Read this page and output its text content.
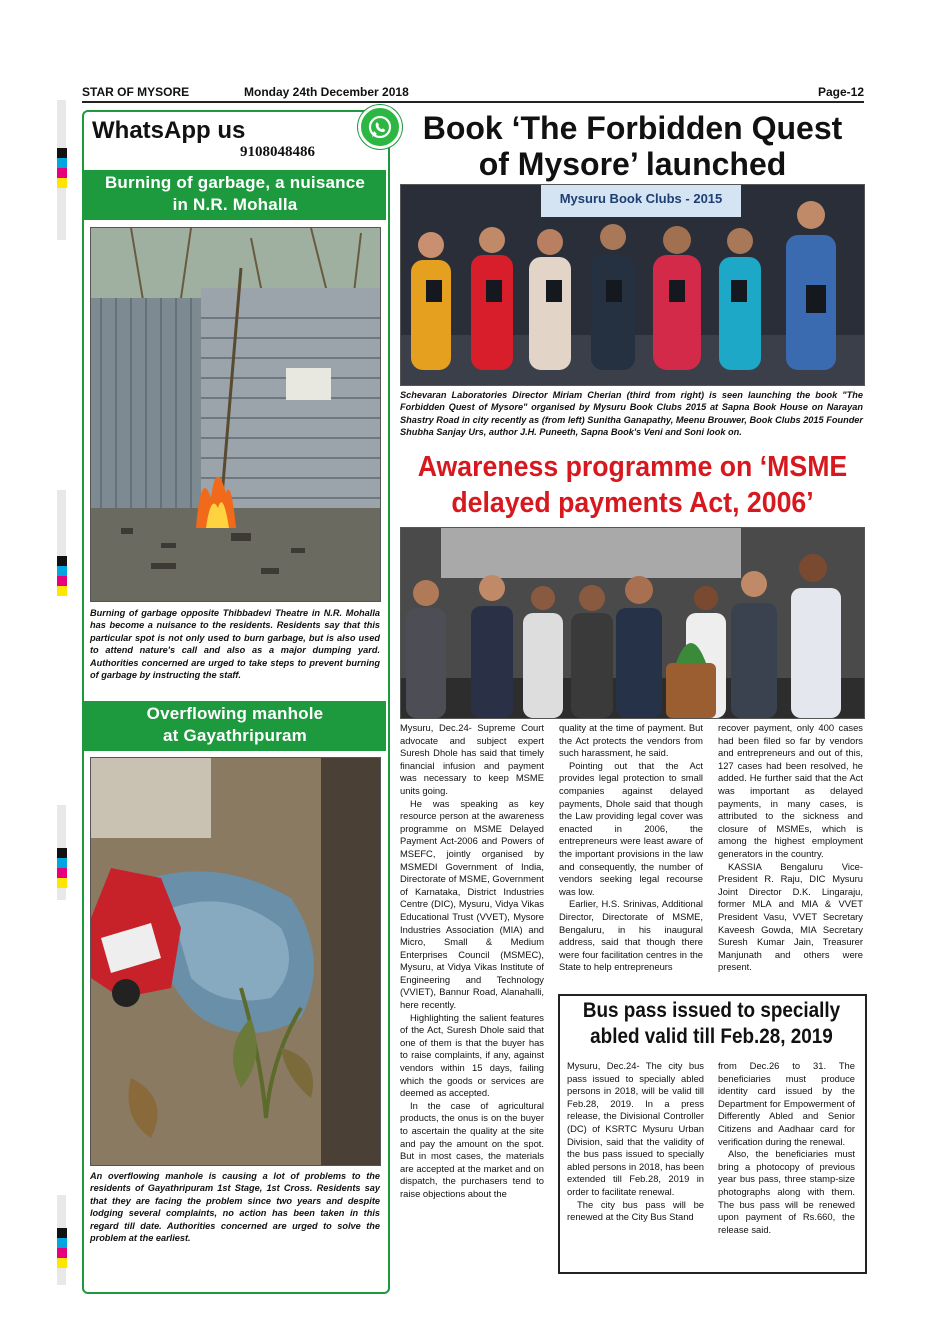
STAR OF MYSORE	Monday 24th December 2018	Page-12
WhatsApp us
9108048486
Burning of garbage, a nuisance
in N.R. Mohalla
Burning of garbage opposite Thibbadevi Theatre in N.R. Mohalla has become a nuisance to the residents. Residents say that this particular spot is not only used to burn garbage, but is also used to attend nature's call and also as a major dumping yard. Authorities concerned are urged to take steps to prevent burning of garbage by instructing the staff.
Overflowing manhole
at Gayathripuram
An overflowing manhole is causing a lot of problems to the residents of Gayathripuram 1st Stage, 1st Cross. Residents say that they are facing the problem since two years and despite lodging several complaints, no action has been taken in this regard till date. Authorities concerned are urged to solve the problem at the earliest.
Book ‘The Forbidden Quest
of Mysore’ launched
Mysuru Book Clubs - 2015
Schevaran Laboratories Director Miriam Cherian (third from right) is seen launching the book "The Forbidden Quest of Mysore" organised by Mysuru Book Clubs 2015 at Sapna Book House on Narayan Shastry Road in city recently as (from left) Sunitha Ganapathy, Meenu Brouwer, Book Clubs 2015 Founder Shubha Sanjay Urs, author J.H. Puneeth, Sapna Book's Veni and Soni look on.
Awareness programme on ‘MSME
delayed payments Act, 2006’

Mysuru, Dec.24- Supreme Court advocate and subject expert Suresh Dhole has said that timely financial infusion and payment was necessary to keep MSME units going.

He was speaking as key resource person at the awareness programme on MSME Delayed Payment Act-2006 and Powers of MSEFC, jointly organised by MSMEDI Government of India, Directorate of MSME, Government of Karnataka, District Industries Centre (DIC), Mysuru, Vidya Vikas Educational Trust (VVET), Mysore Industries Association (MIA) and Micro, Small & Medium Enterprises Council (MSMEC), Mysuru, at Vidya Vikas Institute of Engineering and Technology (VVIET), Bannur Road, Alanahalli, here recently.

Highlighting the salient features of the Act, Suresh Dhole said that one of them is that the buyer has to raise complaints, if any, against vendors within 15 days, failing which the goods or services are deemed as accepted.

In the case of agricultural products, the onus is on the buyer to ascertain the quality at the site and pay the amount on the spot. But in most cases, the materials are accepted at the market and on dispatch, the purchasers tend to raise objections about the

quality at the time of payment. But the Act protects the vendors from such harassment, he said.

Pointing out that the Act provides legal protection to small companies against delayed payments, Dhole said that though the Law providing legal cover was enacted in 2006, the entrepreneurs were least aware of the important provisions in the law and consequently, the number of vendors seeking legal recourse was low.

Earlier, H.S. Srinivas, Additional Director, Directorate of MSME, Bengaluru, in his inaugural address, said that though there were four facilitation centres in the State to help entrepreneurs

recover payment, only 400 cases had been filed so far by vendors and entrepreneurs and out of this, 127 cases had been resolved, he added. He further said that the Act was important as delayed payments, in many cases, is attributed to the sickness and closure of MSMEs, which is among the highest employment generators in the country.

KASSIA Bengaluru Vice-President R. Raju, DIC Mysuru Joint Director D.K. Lingaraju, former MLA and MIA & VVET President Vasu, VVET Secretary Kaveesh Gowda, MIA Secretary Suresh Kumar Jain, Treasurer Manjunath and others were present.

Bus pass issued to specially
abled valid till Feb.28, 2019

Mysuru, Dec.24- The city bus pass issued to specially abled persons in 2018, will be valid till Feb.28, 2019. In a press release, the Divisional Controller (DC) of KSRTC Mysuru Urban Division, said that the validity of the bus pass issued to specially abled persons in 2018, has been extended till Feb.28, 2019 in order to facilitate renewal.

The city bus pass will be renewed at the City Bus Stand

from Dec.26 to 31. The beneficiaries must produce identity card issued by the Department for Empowerment of Differently Abled and Senior Citizens and Aadhaar card for verification during the renewal.

Also, the beneficiaries must bring a photocopy of previous year bus pass, three stamp-size photographs along with them. The bus pass will be renewed upon payment of Rs.660, the release said.
